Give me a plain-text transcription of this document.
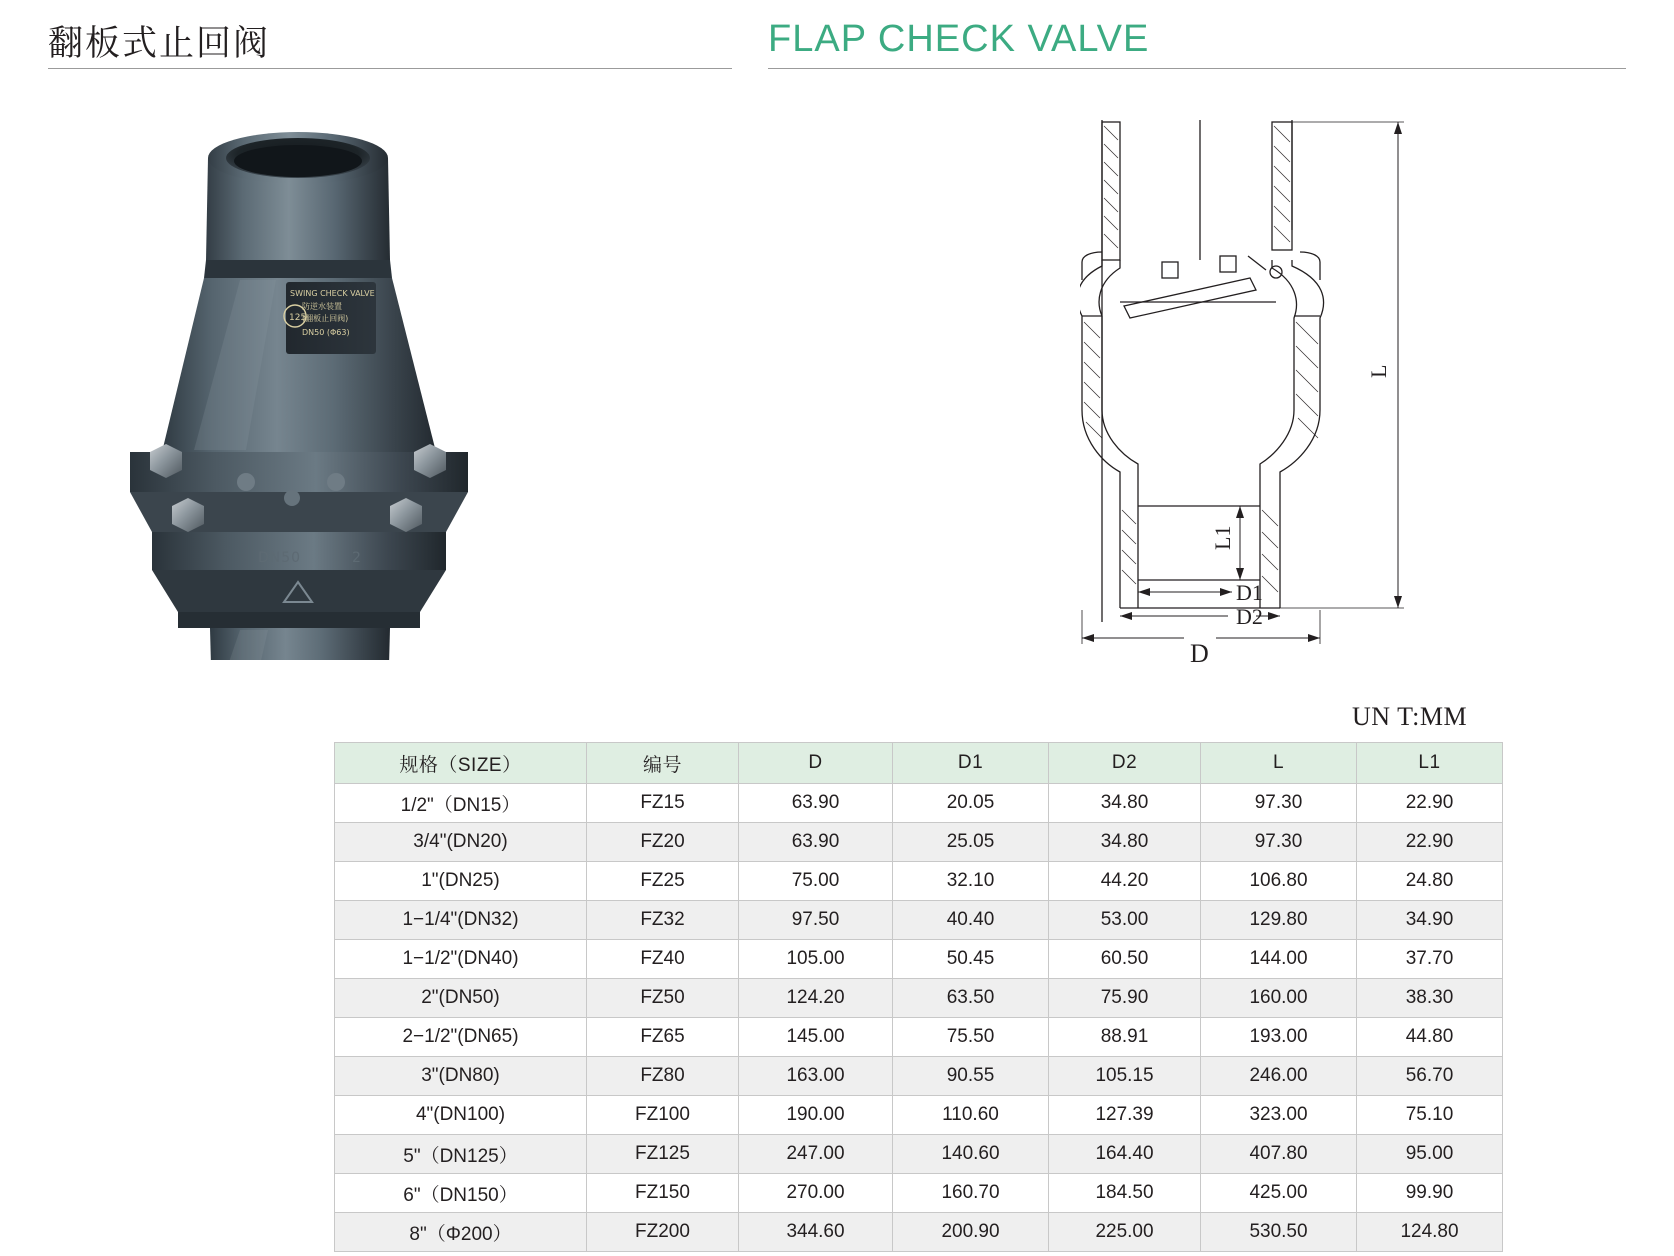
翻板式止回阀	FLAP CHECK VALVE
SWING CHECK VALVE
防逆水装置
(翻板止回阀)
DN50 (Φ63)
125
DN50	2
L
L1
D1
D2
D
UN T:MM
规格（SIZE）	编号	D	D1	D2	L	L1
1/2"（DN15）	FZ15	63.90	20.05	34.80	97.30	22.90
3/4"(DN20)	FZ20	63.90	25.05	34.80	97.30	22.90
1"(DN25)	FZ25	75.00	32.10	44.20	106.80	24.80
1−1/4"(DN32)	FZ32	97.50	40.40	53.00	129.80	34.90
1−1/2"(DN40)	FZ40	105.00	50.45	60.50	144.00	37.70
2"(DN50)	FZ50	124.20	63.50	75.90	160.00	38.30
2−1/2"(DN65)	FZ65	145.00	75.50	88.91	193.00	44.80
3"(DN80)	FZ80	163.00	90.55	105.15	246.00	56.70
4"(DN100)	FZ100	190.00	110.60	127.39	323.00	75.10
5"（DN125）	FZ125	247.00	140.60	164.40	407.80	95.00
6"（DN150）	FZ150	270.00	160.70	184.50	425.00	99.90
8"（Φ200）	FZ200	344.60	200.90	225.00	530.50	124.80
